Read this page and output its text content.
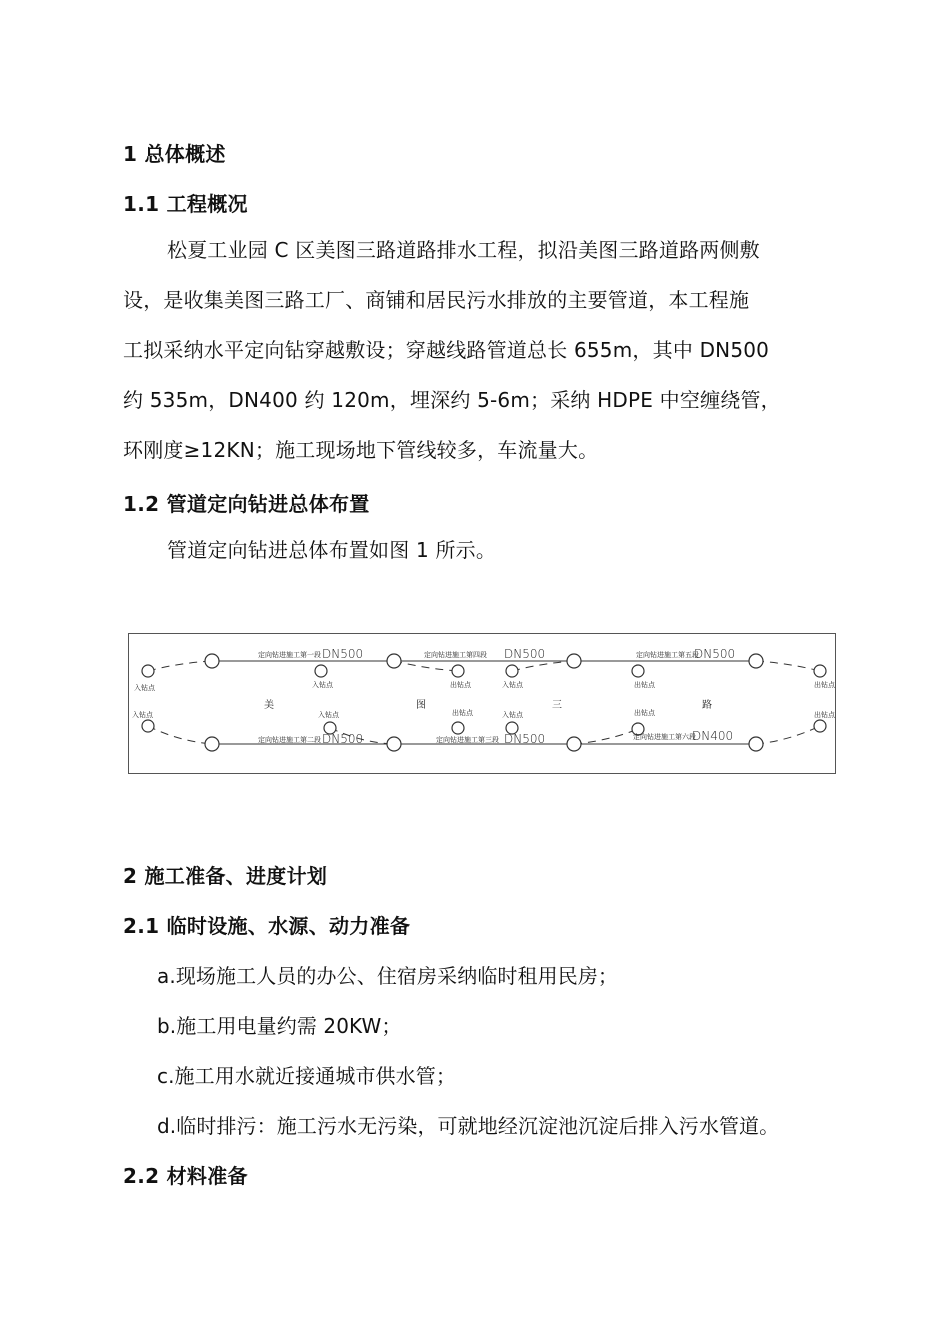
1 总体概述
1.1 工程概况
松夏工业园 C 区美图三路道路排水工程，拟沿美图三路道路两侧敷
设，是收集美图三路工厂、商铺和居民污水排放的主要管道，本工程施
工拟采纳水平定向钻穿越敷设；穿越线路管道总长 655m，其中 DN500
约 535m，DN400 约 120m，埋深约 5-6m；采纳 HDPE 中空缠绕管，
环刚度≥12KN；施工现场地下管线较多，车流量大。
1.2 管道定向钻进总体布置
管道定向钻进总体布置如图 1 所示。
定向钻进施工第一段 DN500	定向钻进施工第四段 DN500	定向钻进施工第五段
DN500
定向钻进施工第二段 DN500	定向钻进施工第三段 DN500	定向钻进施工第六段
DN400
入钻点	入钻点	出钻点	入钻点	出钻点	出钻点
入钻点	入钻点	出钻点	入钻点	出钻点	出钻点
美	图	三	路
2 施工准备、进度计划
2.1 临时设施、水源、动力准备
a.现场施工人员的办公、住宿房采纳临时租用民房；
b.施工用电量约需 20KW；
c.施工用水就近接通城市供水管；
d.临时排污：施工污水无污染，可就地经沉淀池沉淀后排入污水管道。
2.2 材料准备
